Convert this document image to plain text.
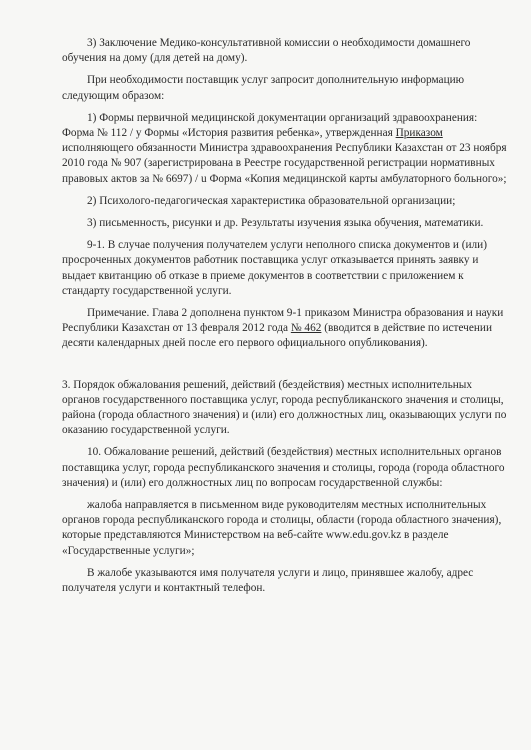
3) Заключение Медико-консультативной комиссии о необходимости домашнего обучения на дому (для детей на дому).

При необходимости поставщик услуг запросит дополнительную информацию следующим образом:

1) Формы первичной медицинской документации организаций здравоохранения: Форма № 112 / у Формы «История развития ребенка», утвержденная Приказом исполняющего обязанности Министра здравоохранения Республики Казахстан от 23 ноября 2010 года № 907 (зарегистрирована в Реестре государственной регистрации нормативных правовых актов за № 6697) / u Форма «Копия медицинской карты амбулаторного больного»;

2) Психолого-педагогическая характеристика образовательной организации;

3) письменность, рисунки и др. Результаты изучения языка обучения, математики.

9-1. В случае получения получателем услуги неполного списка документов и (или) просроченных документов работник поставщика услуг отказывается принять заявку и выдает квитанцию об отказе в приеме документов в соответствии с приложением к стандарту государственной услуги.

Примечание. Глава 2 дополнена пунктом 9-1 приказом Министра образования и науки Республики Казахстан от 13 февраля 2012 года № 462 (вводится в действие по истечении десяти календарных дней после его первого официального опубликования).

3. Порядок обжалования решений, действий (бездействия) местных исполнительных органов государственного поставщика услуг, города республиканского значения и столицы, района (города областного значения) и (или) его должностных лиц, оказывающих услуги по оказанию государственной услуги.

10. Обжалование решений, действий (бездействия) местных исполнительных органов поставщика услуг, города республиканского значения и столицы, города (города областного значения) и (или) его должностных лиц по вопросам государственной службы:

жалоба направляется в письменном виде руководителям местных исполнительных органов города республиканского города и столицы, области (города областного значения), которые представляются Министерством на веб-сайте www.edu.gov.kz в разделе «Государственные услуги»;

В жалобе указываются имя получателя услуги и лицо, принявшее жалобу, адрес получателя услуги и контактный телефон.
